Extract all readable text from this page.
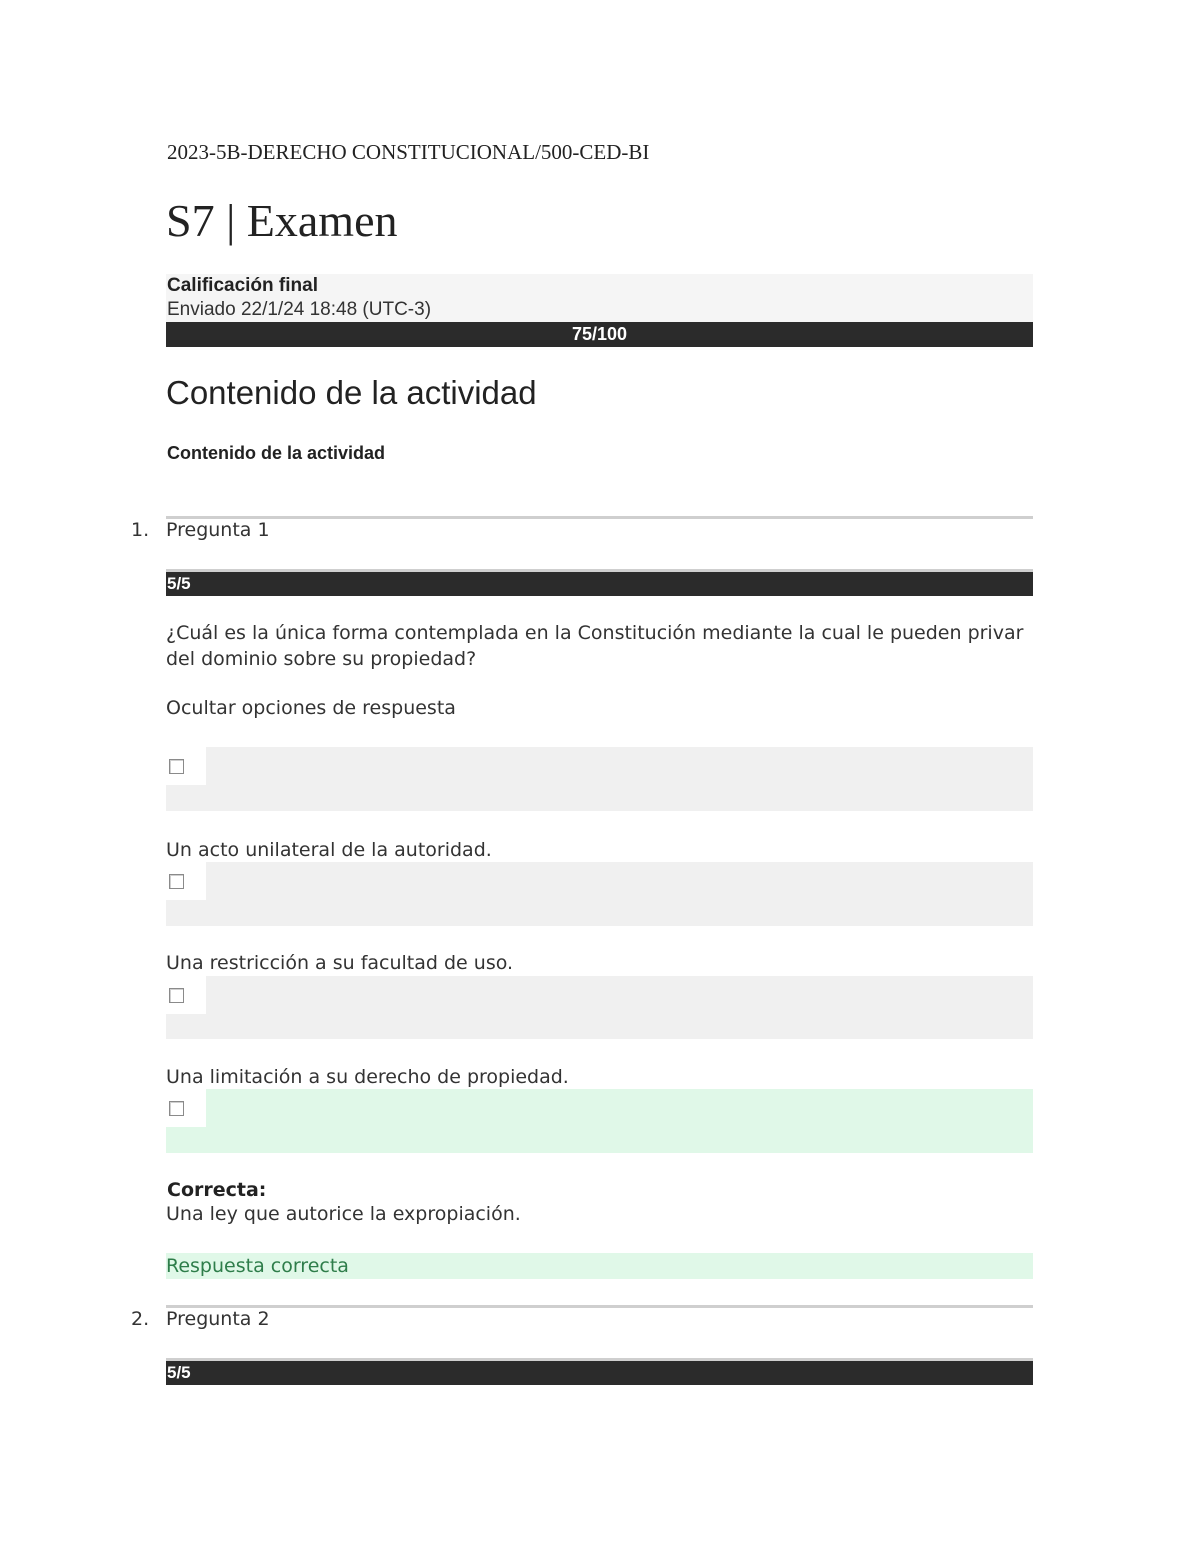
2023-5B-DERECHO CONSTITUCIONAL/500-CED-BI
S7 | Examen
Calificación final
Enviado 22/1/24 18:48 (UTC-3)
75/100
Contenido de la actividad
Contenido de la actividad
1. Pregunta 1
5/5
¿Cuál es la única forma contemplada en la Constitución mediante la cual le pueden privar del dominio sobre su propiedad?
Ocultar opciones de respuesta
Un acto unilateral de la autoridad.
Una restricción a su facultad de uso.
Una limitación a su derecho de propiedad.
Correcta:
Una ley que autorice la expropiación.
Respuesta correcta
2. Pregunta 2
5/5
